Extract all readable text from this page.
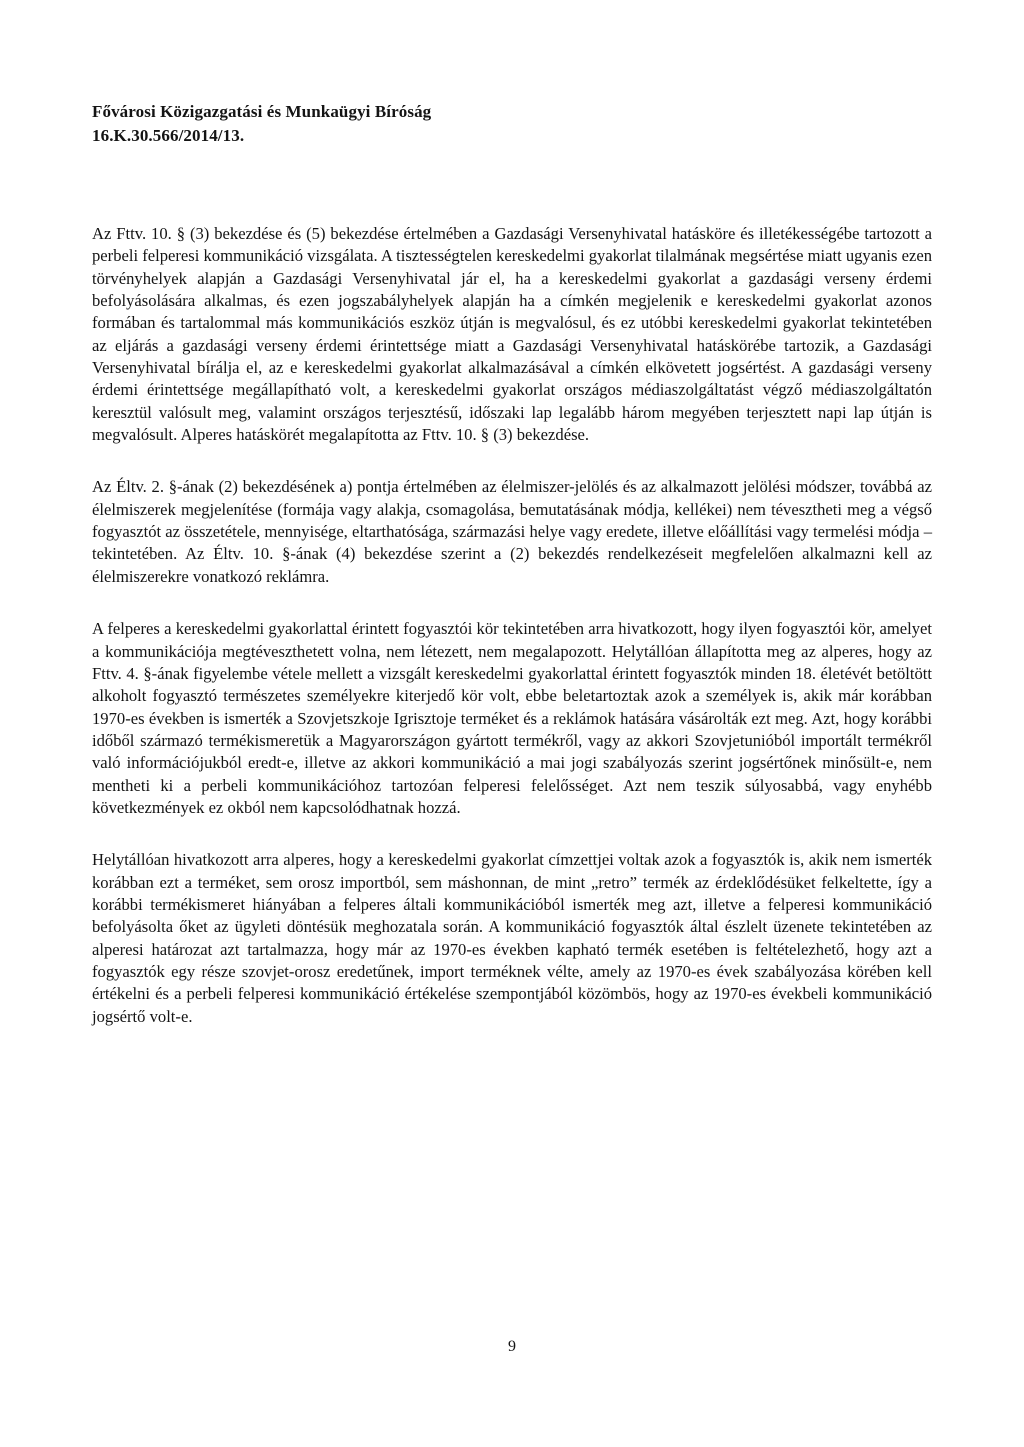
Fővárosi Közigazgatási és Munkaügyi Bíróság
16.K.30.566/2014/13.

Az Fttv. 10. § (3) bekezdése és (5) bekezdése értelmében a Gazdasági Versenyhivatal hatásköre és illetékességébe tartozott a perbeli felperesi kommunikáció vizsgálata. A tisztességtelen kereskedelmi gyakorlat tilalmának megsértése miatt ugyanis ezen törvényhelyek alapján a Gazdasági Versenyhivatal jár el, ha a kereskedelmi gyakorlat a gazdasági verseny érdemi befolyásolására alkalmas, és ezen jogszabályhelyek alapján ha a címkén megjelenik e kereskedelmi gyakorlat azonos formában és tartalommal más kommunikációs eszköz útján is megvalósul, és ez utóbbi kereskedelmi gyakorlat tekintetében az eljárás a gazdasági verseny érdemi érintettsége miatt a Gazdasági Versenyhivatal hatáskörébe tartozik, a Gazdasági Versenyhivatal bírálja el, az e kereskedelmi gyakorlat alkalmazásával a címkén elkövetett jogsértést. A gazdasági verseny érdemi érintettsége megállapítható volt, a kereskedelmi gyakorlat országos médiaszolgáltatást végző médiaszolgáltatón keresztül valósult meg, valamint országos terjesztésű, időszaki lap legalább három megyében terjesztett napi lap útján is megvalósult. Alperes hatáskörét megalapította az Fttv. 10. § (3) bekezdése.

Az Éltv. 2. §-ának (2) bekezdésének a) pontja értelmében az élelmiszer-jelölés és az alkalmazott jelölési módszer, továbbá az élelmiszerek megjelenítése (formája vagy alakja, csomagolása, bemutatásának módja, kellékei) nem tévesztheti meg a végső fogyasztót az összetétele, mennyisége, eltarthatósága, származási helye vagy eredete, illetve előállítási vagy termelési módja – tekintetében. Az Éltv. 10. §-ának (4) bekezdése szerint a (2) bekezdés rendelkezéseit megfelelően alkalmazni kell az élelmiszerekre vonatkozó reklámra.

A felperes a kereskedelmi gyakorlattal érintett fogyasztói kör tekintetében arra hivatkozott, hogy ilyen fogyasztói kör, amelyet a kommunikációja megtéveszthetett volna, nem létezett, nem megalapozott. Helytállóan állapította meg az alperes, hogy az Fttv. 4. §-ának figyelembe vétele mellett a vizsgált kereskedelmi gyakorlattal érintett fogyasztók minden 18. életévét betöltött alkoholt fogyasztó természetes személyekre kiterjedő kör volt, ebbe beletartoztak azok a személyek is, akik már korábban 1970-es években is ismerték a Szovjetszkoje Igrisztoje terméket és a reklámok hatására vásárolták ezt meg. Azt, hogy korábbi időből származó termékismeretük a Magyarországon gyártott termékről, vagy az akkori Szovjetunióból importált termékről való információjukból eredt-e, illetve az akkori kommunikáció a mai jogi szabályozás szerint jogsértőnek minősült-e, nem mentheti ki a perbeli kommunikációhoz tartozóan felperesi felelősséget. Azt nem teszik súlyosabbá, vagy enyhébb következmények ez okból nem kapcsolódhatnak hozzá.

Helytállóan hivatkozott arra alperes, hogy a kereskedelmi gyakorlat címzettjei voltak azok a fogyasztók is, akik nem ismerték korábban ezt a terméket, sem orosz importból, sem máshonnan, de mint „retro” termék az érdeklődésüket felkeltette, így a korábbi termékismeret hiányában a felperes általi kommunikációból ismerték meg azt, illetve a felperesi kommunikáció befolyásolta őket az ügyleti döntésük meghozatala során. A kommunikáció fogyasztók által észlelt üzenete tekintetében az alperesi határozat azt tartalmazza, hogy már az 1970-es években kapható termék esetében is feltételezhető, hogy azt a fogyasztók egy része szovjet-orosz eredetűnek, import terméknek vélte, amely az 1970-es évek szabályozása körében kell értékelni és a perbeli felperesi kommunikáció értékelése szempontjából közömbös, hogy az 1970-es évekbeli kommunikáció jogsértő volt-e.

9
